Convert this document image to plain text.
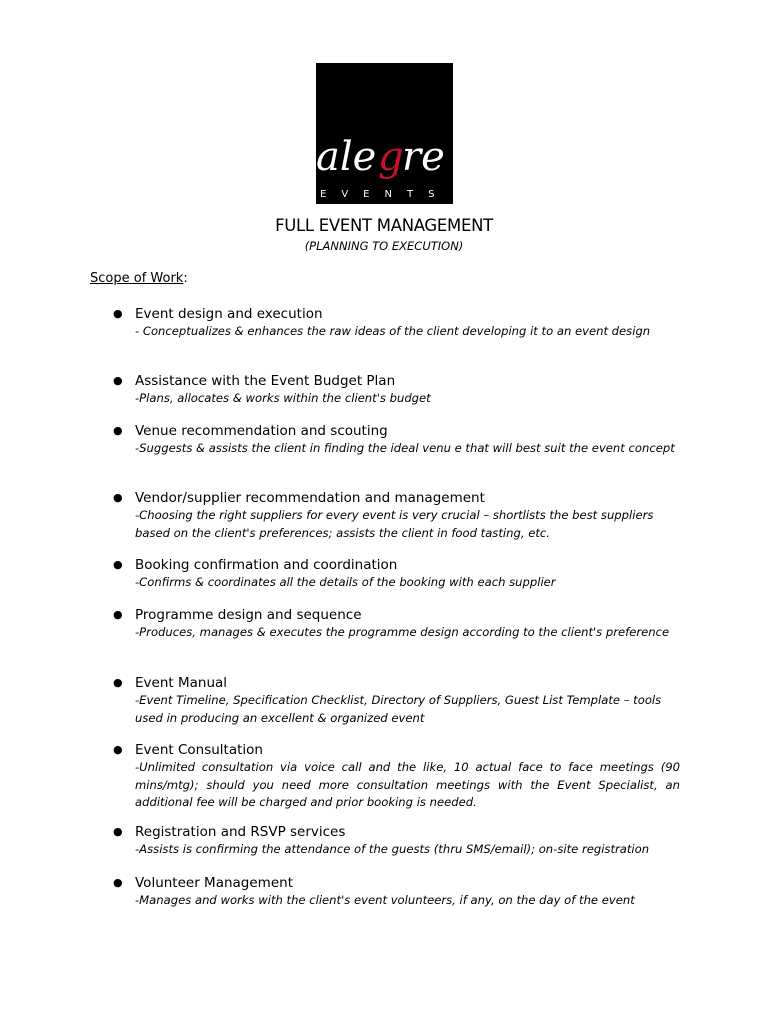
ale g
re
EVENTS
FULL EVENT MANAGEMENT

(PLANNING TO EXECUTION)

Scope of Work:

● Event design and execution
- Conceptualizes & enhances the raw ideas of the client developing it to an event design
● Assistance with the Event Budget Plan
-Plans, allocates & works within the client's budget
● Venue recommendation and scouting
-Suggests & assists the client in finding the ideal venu e that will best suit the event concept
● Vendor/supplier recommendation and management
-Choosing the right suppliers for every event is very crucial – shortlists the best suppliers based on the client's preferences; assists the client in food tasting, etc.
● Booking confirmation and coordination
-Confirms & coordinates all the details of the booking with each supplier
● Programme design and sequence
-Produces, manages & executes the programme design according to the client's preference
● Event Manual
-Event Timeline, Specification Checklist, Directory of Suppliers, Guest List Template – tools used in producing an excellent & organized event
● Event Consultation
-Unlimited consultation via voice call and the like, 10 actual face to face meetings (90 mins/mtg); should you need more consultation meetings with the Event Specialist, an additional fee will be charged and prior booking is needed.
● Registration and RSVP services
-Assists is confirming the attendance of the guests (thru SMS/email); on-site registration
● Volunteer Management
-Manages and works with the client's event volunteers, if any, on the day of the event
